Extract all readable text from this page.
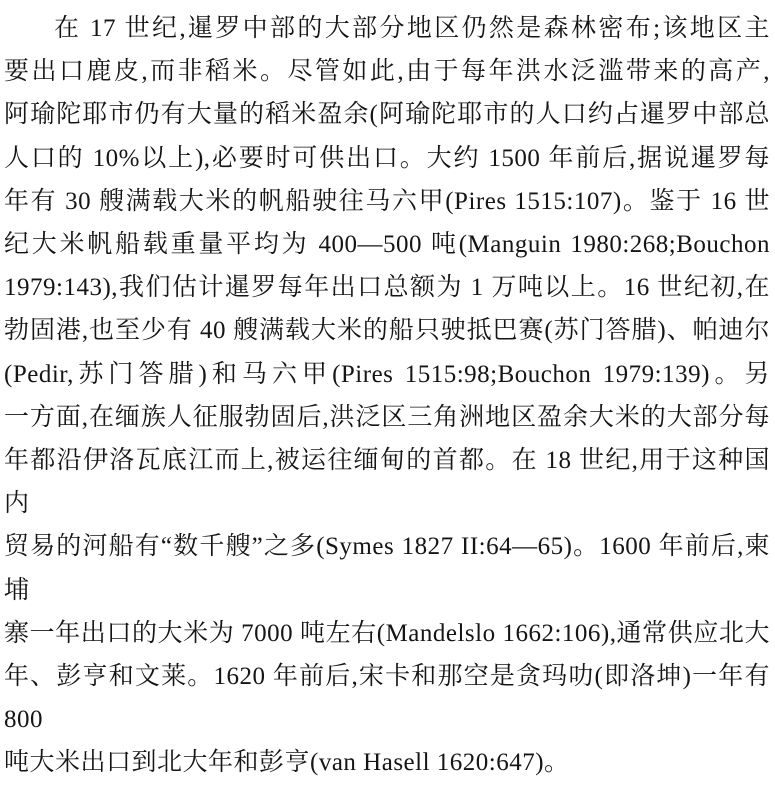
在 17 世纪,暹罗中部的大部分地区仍然是森林密布;该地区主
要出口鹿皮,而非稻米。尽管如此,由于每年洪水泛滥带来的高产,
阿瑜陀耶市仍有大量的稻米盈余(阿瑜陀耶市的人口约占暹罗中部总
人口的 10%以上),必要时可供出口。大约 1500 年前后,据说暹罗每
年有 30 艘满载大米的帆船驶往马六甲(Pires 1515:107)。鉴于 16 世
纪大米帆船载重量平均为 400—500 吨(Manguin 1980:268;Bouchon
1979:143),我们估计暹罗每年出口总额为 1 万吨以上。16 世纪初,在
勃固港,也至少有 40 艘满载大米的船只驶抵巴赛(苏门答腊)、帕迪尔
(Pedir,苏门答腊)和马六甲(Pires 1515:98;Bouchon 1979:139)。另
一方面,在缅族人征服勃固后,洪泛区三角洲地区盈余大米的大部分每
年都沿伊洛瓦底江而上,被运往缅甸的首都。在 18 世纪,用于这种国内
贸易的河船有“数千艘”之多(Symes 1827 II:64—65)。1600 年前后,柬埔
寨一年出口的大米为 7000 吨左右(Mandelslo 1662:106),通常供应北大
年、彭亨和文莱。1620 年前后,宋卡和那空是贪玛叻(即洛坤)一年有 800
吨大米出口到北大年和彭亨(van Hasell 1620:647)。
